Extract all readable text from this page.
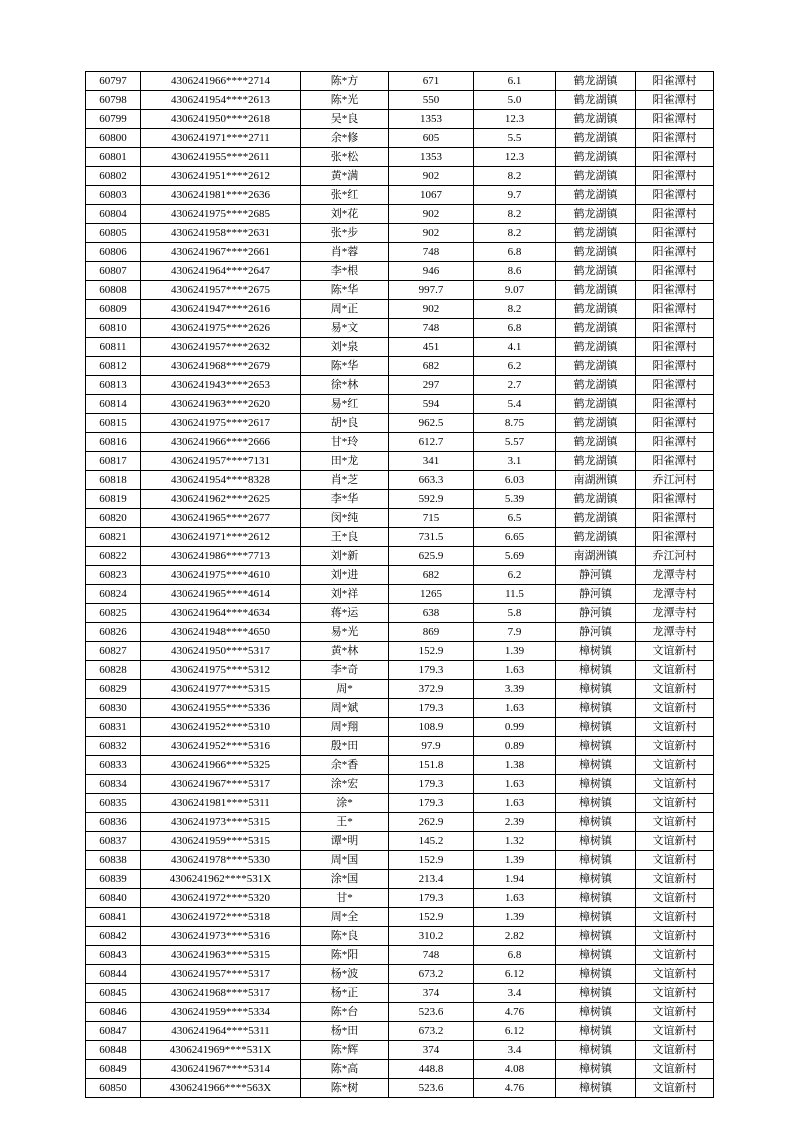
60797	4306241966****2714	陈*方	671	6.1	鹤龙湖镇	阳雀潭村
60798	4306241954****2613	陈*光	550	5.0	鹤龙湖镇	阳雀潭村
60799	4306241950****2618	吴*良	1353	12.3	鹤龙湖镇	阳雀潭村
60800	4306241971****2711	余*修	605	5.5	鹤龙湖镇	阳雀潭村
60801	4306241955****2611	张*松	1353	12.3	鹤龙湖镇	阳雀潭村
60802	4306241951****2612	黄*满	902	8.2	鹤龙湖镇	阳雀潭村
60803	4306241981****2636	张*红	1067	9.7	鹤龙湖镇	阳雀潭村
60804	4306241975****2685	刘*花	902	8.2	鹤龙湖镇	阳雀潭村
60805	4306241958****2631	张*步	902	8.2	鹤龙湖镇	阳雀潭村
60806	4306241967****2661	肖*蓉	748	6.8	鹤龙湖镇	阳雀潭村
60807	4306241964****2647	李*根	946	8.6	鹤龙湖镇	阳雀潭村
60808	4306241957****2675	陈*华	997.7	9.07	鹤龙湖镇	阳雀潭村
60809	4306241947****2616	周*正	902	8.2	鹤龙湖镇	阳雀潭村
60810	4306241975****2626	易*文	748	6.8	鹤龙湖镇	阳雀潭村
60811	4306241957****2632	刘*泉	451	4.1	鹤龙湖镇	阳雀潭村
60812	4306241968****2679	陈*华	682	6.2	鹤龙湖镇	阳雀潭村
60813	4306241943****2653	徐*林	297	2.7	鹤龙湖镇	阳雀潭村
60814	4306241963****2620	易*红	594	5.4	鹤龙湖镇	阳雀潭村
60815	4306241975****2617	胡*良	962.5	8.75	鹤龙湖镇	阳雀潭村
60816	4306241966****2666	甘*玲	612.7	5.57	鹤龙湖镇	阳雀潭村
60817	4306241957****7131	田*龙	341	3.1	鹤龙湖镇	阳雀潭村
60818	4306241954****8328	肖*芝	663.3	6.03	南湖洲镇	乔江河村
60819	4306241962****2625	李*华	592.9	5.39	鹤龙湖镇	阳雀潭村
60820	4306241965****2677	闵*纯	715	6.5	鹤龙湖镇	阳雀潭村
60821	4306241971****2612	王*良	731.5	6.65	鹤龙湖镇	阳雀潭村
60822	4306241986****7713	刘*新	625.9	5.69	南湖洲镇	乔江河村
60823	4306241975****4610	刘*进	682	6.2	静河镇	龙潭寺村
60824	4306241965****4614	刘*祥	1265	11.5	静河镇	龙潭寺村
60825	4306241964****4634	蒋*运	638	5.8	静河镇	龙潭寺村
60826	4306241948****4650	易*光	869	7.9	静河镇	龙潭寺村
60827	4306241950****5317	黄*林	152.9	1.39	樟树镇	文谊新村
60828	4306241975****5312	李*奇	179.3	1.63	樟树镇	文谊新村
60829	4306241977****5315	周*	372.9	3.39	樟树镇	文谊新村
60830	4306241955****5336	周*斌	179.3	1.63	樟树镇	文谊新村
60831	4306241952****5310	周*翔	108.9	0.99	樟树镇	文谊新村
60832	4306241952****5316	殷*田	97.9	0.89	樟树镇	文谊新村
60833	4306241966****5325	余*香	151.8	1.38	樟树镇	文谊新村
60834	4306241967****5317	涂*宏	179.3	1.63	樟树镇	文谊新村
60835	4306241981****5311	涂*	179.3	1.63	樟树镇	文谊新村
60836	4306241973****5315	王*	262.9	2.39	樟树镇	文谊新村
60837	4306241959****5315	谭*明	145.2	1.32	樟树镇	文谊新村
60838	4306241978****5330	周*国	152.9	1.39	樟树镇	文谊新村
60839	4306241962****531X	涂*国	213.4	1.94	樟树镇	文谊新村
60840	4306241972****5320	甘*	179.3	1.63	樟树镇	文谊新村
60841	4306241972****5318	周*全	152.9	1.39	樟树镇	文谊新村
60842	4306241973****5316	陈*良	310.2	2.82	樟树镇	文谊新村
60843	4306241963****5315	陈*阳	748	6.8	樟树镇	文谊新村
60844	4306241957****5317	杨*波	673.2	6.12	樟树镇	文谊新村
60845	4306241968****5317	杨*正	374	3.4	樟树镇	文谊新村
60846	4306241959****5334	陈*台	523.6	4.76	樟树镇	文谊新村
60847	4306241964****5311	杨*田	673.2	6.12	樟树镇	文谊新村
60848	4306241969****531X	陈*辉	374	3.4	樟树镇	文谊新村
60849	4306241967****5314	陈*高	448.8	4.08	樟树镇	文谊新村
60850	4306241966****563X	陈*树	523.6	4.76	樟树镇	文谊新村
